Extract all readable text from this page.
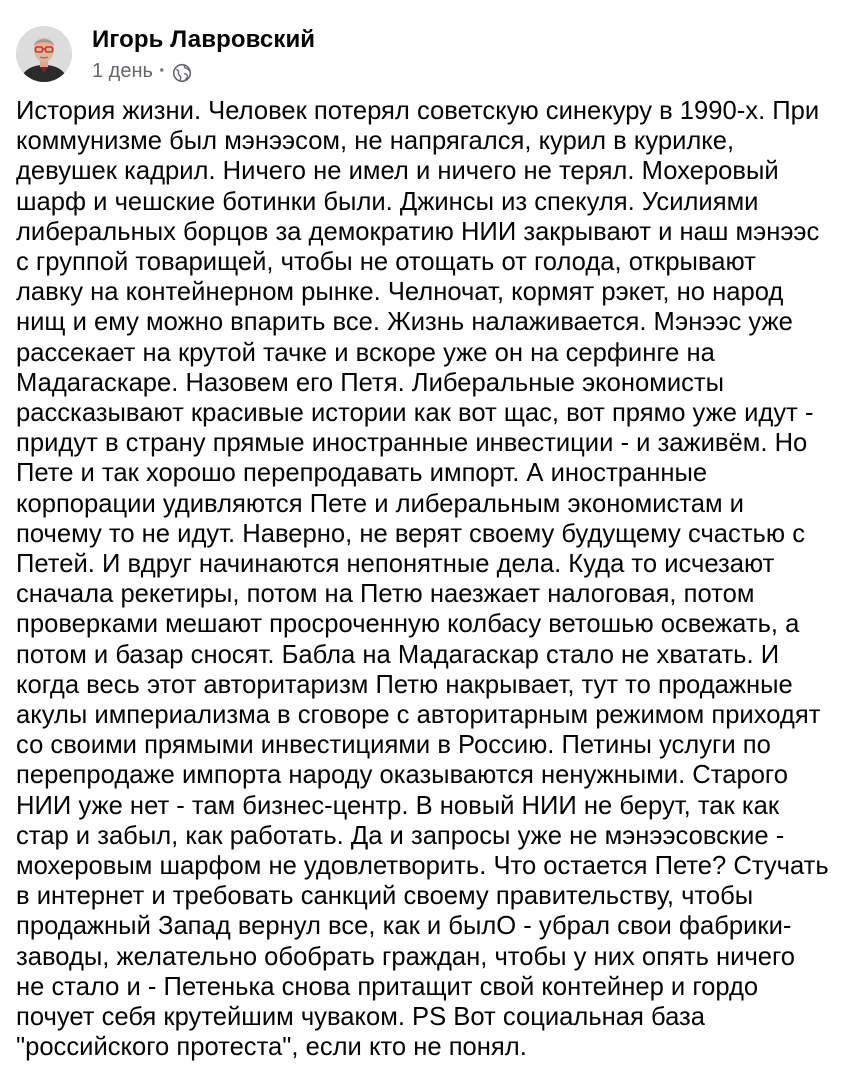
Игорь Лавровский
1 день ·
История жизни. Человек потерял советскую синекуру в 1990-х. При
коммунизме был мэнээсом, не напрягался, курил в курилке,
девушек кадрил. Ничего не имел и ничего не терял. Мохеровый
шарф и чешские ботинки были. Джинсы из спекуля. Усилиями
либеральных борцов за демократию НИИ закрывают и наш мэнээс
с группой товарищей, чтобы не отощать от голода, открывают
лавку на контейнерном рынке. Челночат, кормят рэкет, но народ
нищ и ему можно впарить все. Жизнь налаживается. Мэнээс уже
рассекает на крутой тачке и вскоре уже он на серфинге на
Мадагаскаре. Назовем его Петя. Либеральные экономисты
рассказывают красивые истории как вот щас, вот прямо уже идут -
придут в страну прямые иностранные инвестиции - и заживём. Но
Пете и так хорошо перепродавать импорт. А иностранные
корпорации удивляются Пете и либеральным экономистам и
почему то не идут. Наверно, не верят своему будущему счастью с
Петей. И вдруг начинаются непонятные дела. Куда то исчезают
сначала рекетиры, потом на Петю наезжает налоговая, потом
проверками мешают просроченную колбасу ветошью освежать, а
потом и базар сносят. Бабла на Мадагаскар стало не хватать. И
когда весь этот авторитаризм Петю накрывает, тут то продажные
акулы империализма в сговоре с авторитарным режимом приходят
со своими прямыми инвестициями в Россию. Петины услуги по
перепродаже импорта народу оказываются ненужными. Старого
НИИ уже нет - там бизнес-центр. В новый НИИ не берут, так как
стар и забыл, как работать. Да и запросы уже не мэнээсовские -
мохеровым шарфом не удовлетворить. Что остается Пете? Стучать
в интернет и требовать санкций своему правительству, чтобы
продажный Запад вернул все, как и былО - убрал свои фабрики-
заводы, желательно обобрать граждан, чтобы у них опять ничего
не стало и - Петенька снова притащит свой контейнер и гордо
почует себя крутейшим чуваком. PS Вот социальная база
"российского протеста", если кто не понял.
